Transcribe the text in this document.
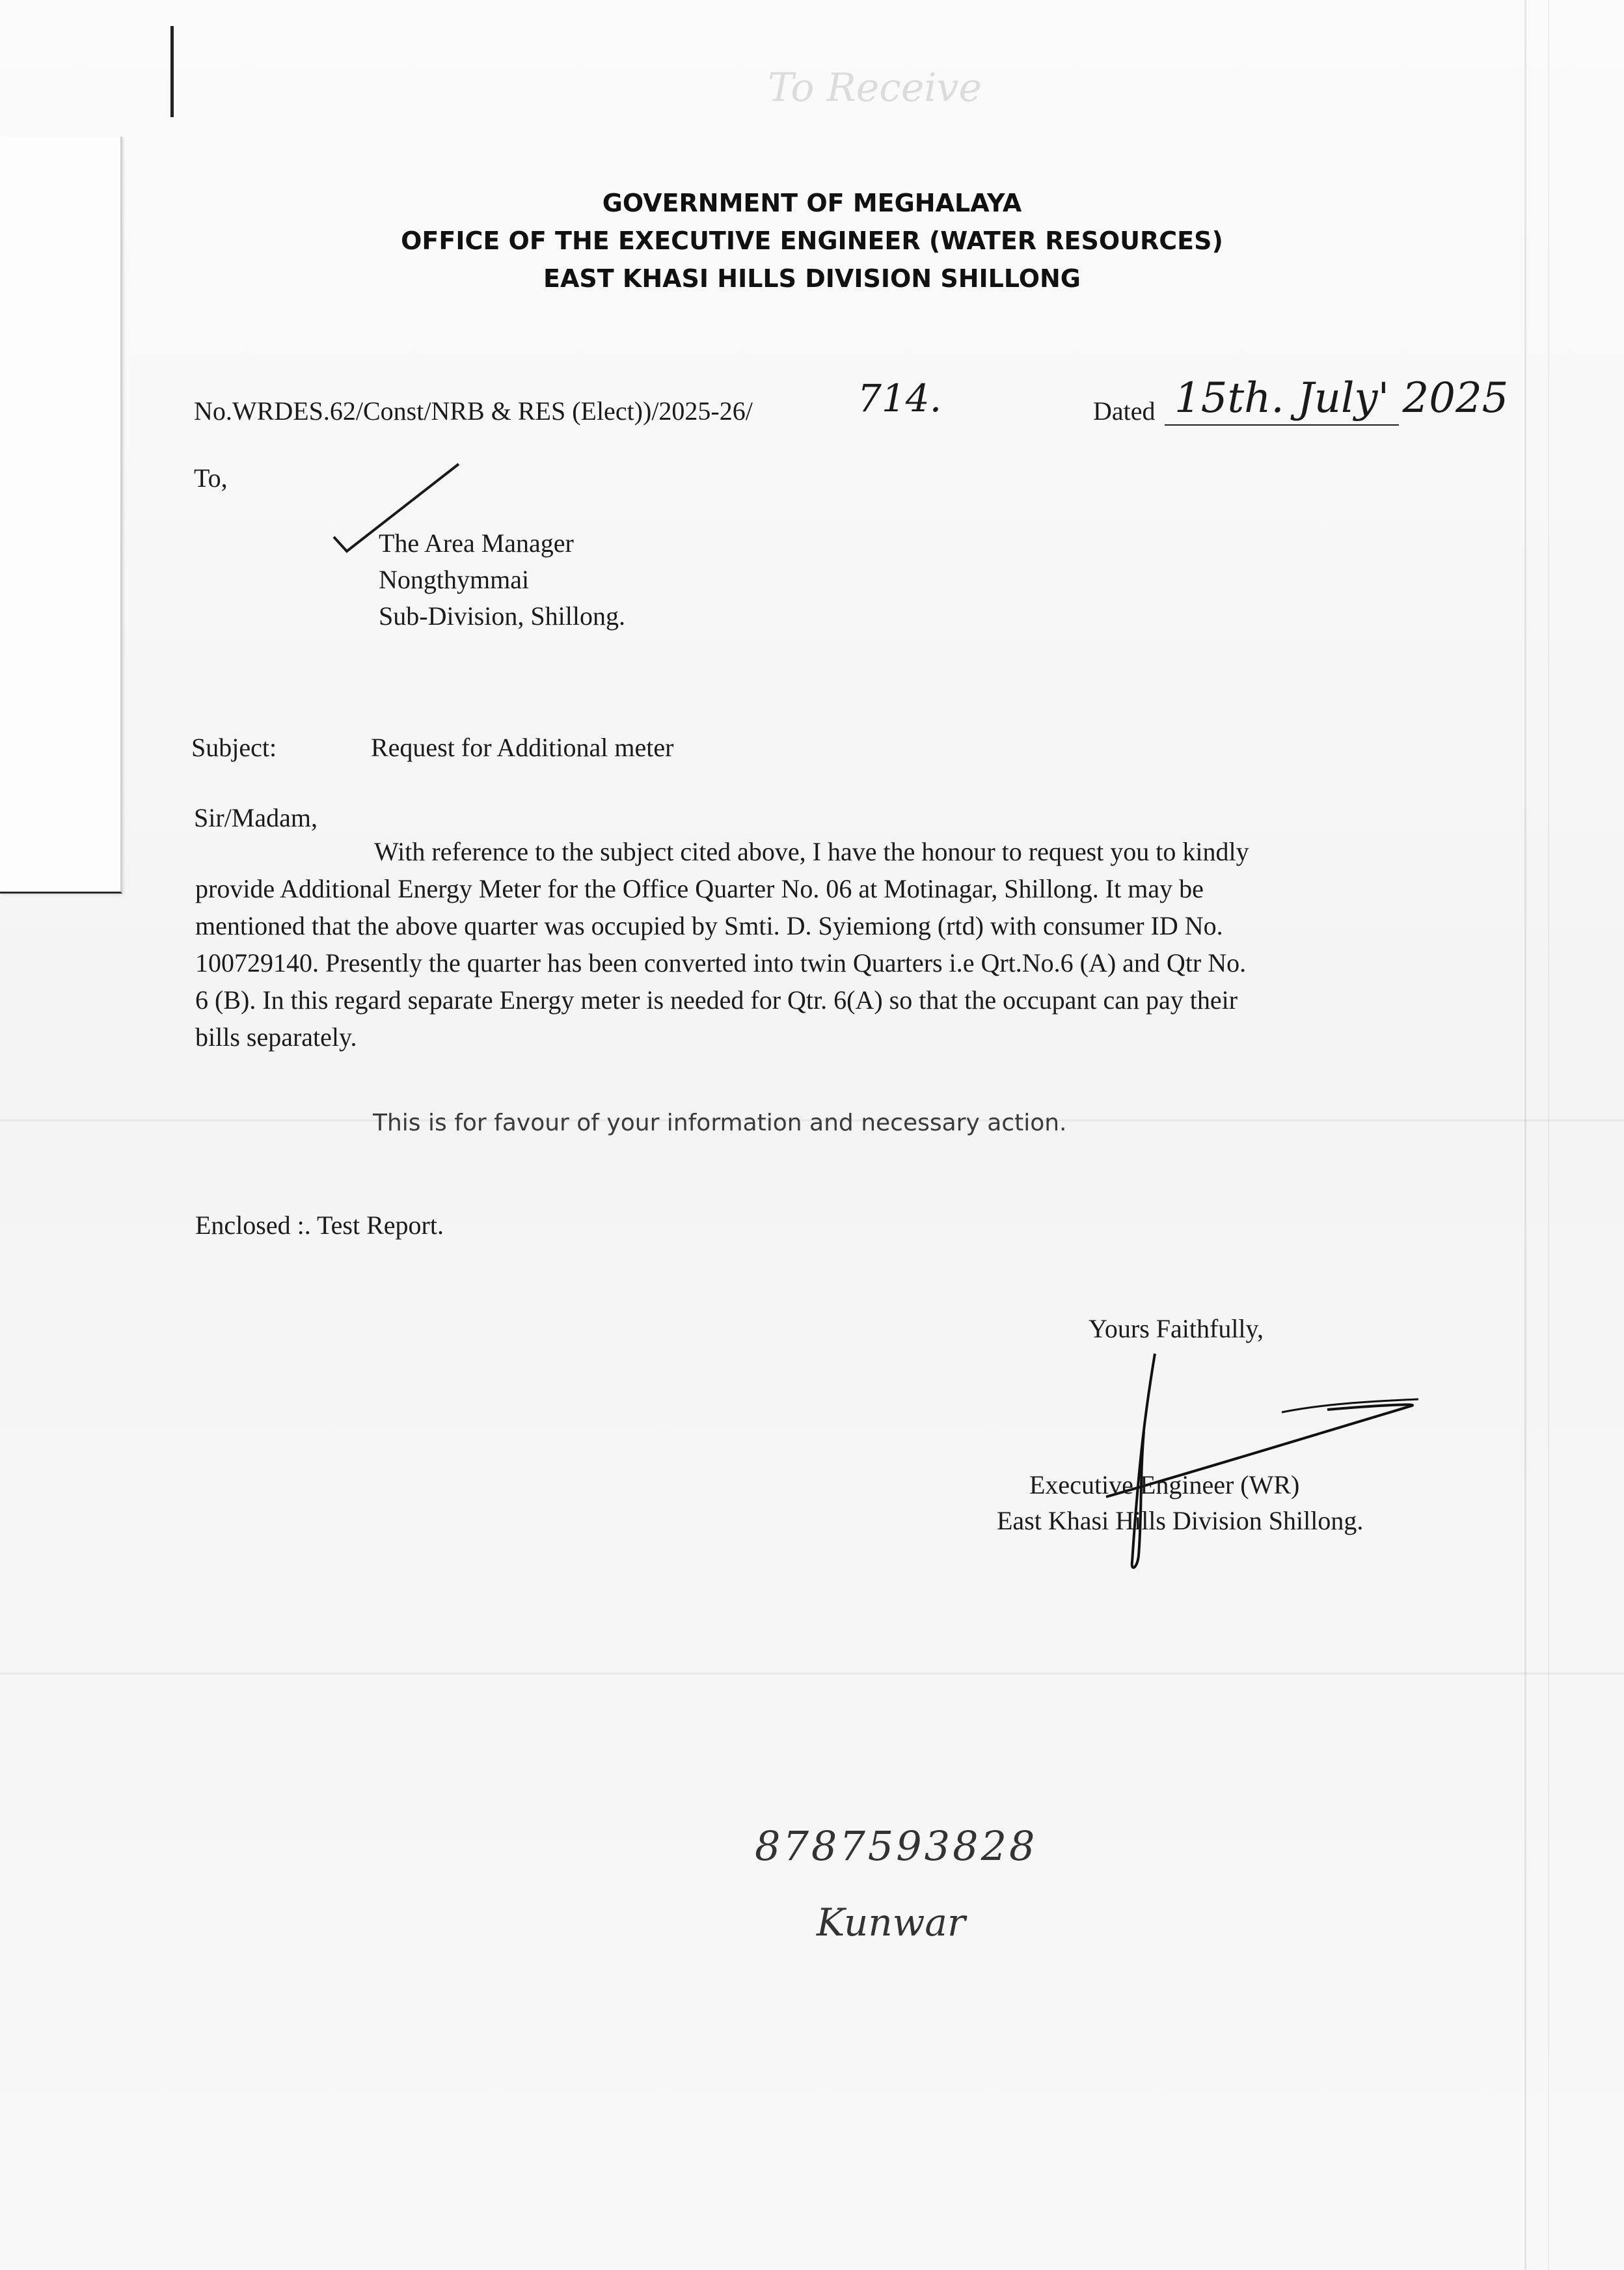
To Receive
GOVERNMENT OF MEGHALAYA
OFFICE OF THE EXECUTIVE ENGINEER (WATER RESOURCES)
EAST KHASI HILLS DIVISION SHILLONG
No.WRDES.62/Const/NRB & RES (Elect))/2025-26/	714.	Dated 15th. July' 2025
To,
The Area Manager
Nongthymmai
Sub-Division, Shillong.
Subject:	Request for Additional meter
Sir/Madam,
With reference to the subject cited above, I have the honour to request you to kindly
provide Additional Energy Meter for the Office Quarter No. 06 at Motinagar, Shillong. It may be
mentioned that the above quarter was occupied by Smti. D. Syiemiong (rtd) with consumer ID No.
100729140. Presently the quarter has been converted into twin Quarters i.e Qrt.No.6 (A) and Qtr No.
6 (B). In this regard separate Energy meter is needed for Qtr. 6(A) so that the occupant can pay their
bills separately.
This is for favour of your information and necessary action.
Enclosed :. Test Report.
Yours Faithfully,
Executive Engineer (WR)
East Khasi Hills Division Shillong.
8787593828
Kunwar
